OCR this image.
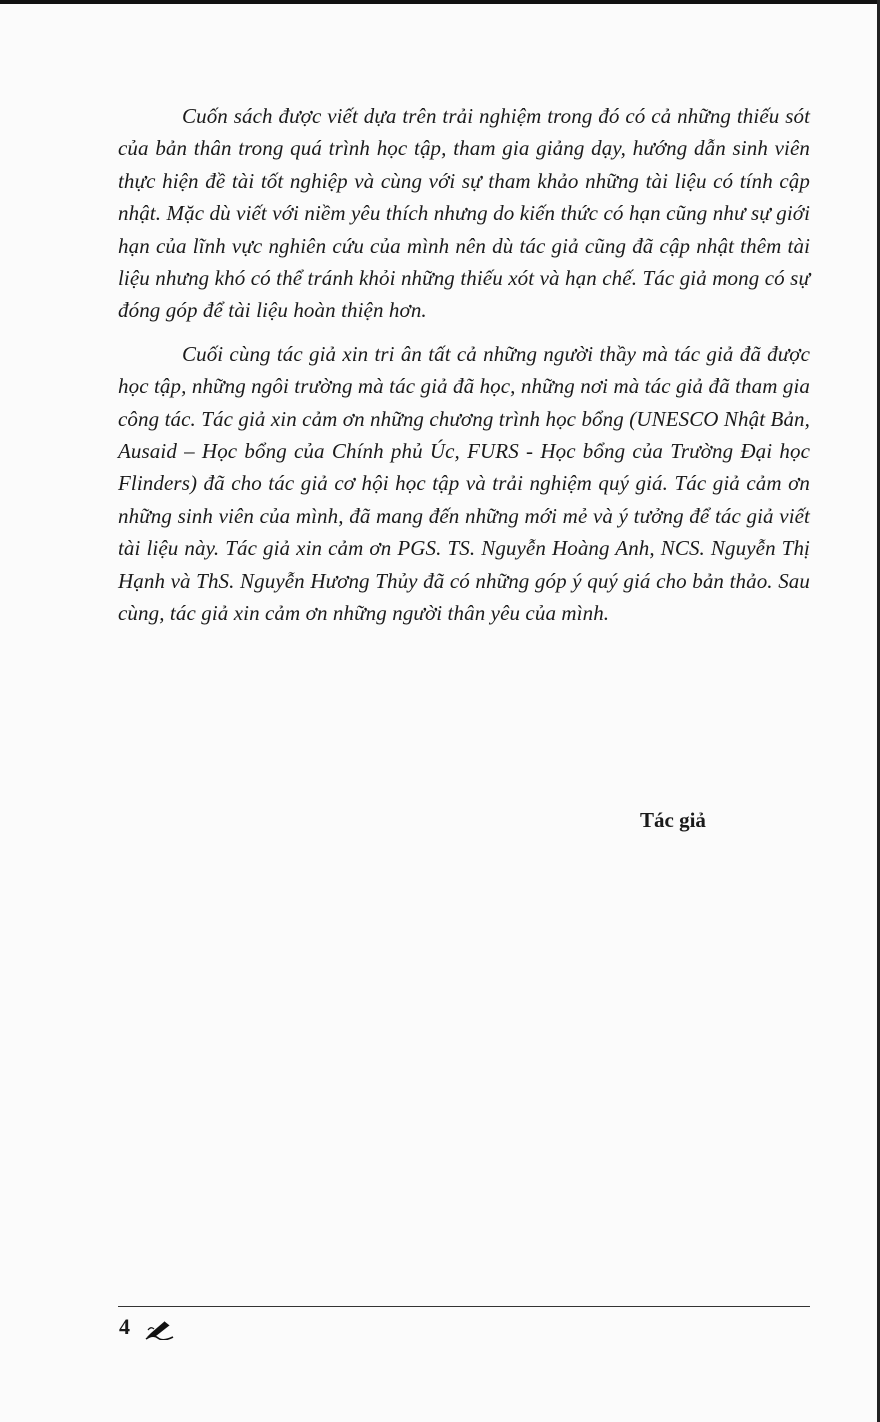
Cuốn sách được viết dựa trên trải nghiệm trong đó có cả những thiếu sót của bản thân trong quá trình học tập, tham gia giảng dạy, hướng dẫn sinh viên thực hiện đề tài tốt nghiệp và cùng với sự tham khảo những tài liệu có tính cập nhật. Mặc dù viết với niềm yêu thích nhưng do kiến thức có hạn cũng như sự giới hạn của lĩnh vực nghiên cứu của mình nên dù tác giả cũng đã cập nhật thêm tài liệu nhưng khó có thể tránh khỏi những thiếu xót và hạn chế. Tác giả mong có sự đóng góp để tài liệu hoàn thiện hơn.

Cuối cùng tác giả xin tri ân tất cả những người thầy mà tác giả đã được học tập, những ngôi trường mà tác giả đã học, những nơi mà tác giả đã tham gia công tác. Tác giả xin cảm ơn những chương trình học bổng (UNESCO Nhật Bản, Ausaid – Học bổng của Chính phủ Úc, FURS - Học bổng của Trường Đại học Flinders) đã cho tác giả cơ hội học tập và trải nghiệm quý giá. Tác giả cảm ơn những sinh viên của mình, đã mang đến những mới mẻ và ý tưởng để tác giả viết tài liệu này. Tác giả xin cảm ơn PGS. TS. Nguyễn Hoàng Anh, NCS. Nguyễn Thị Hạnh và ThS. Nguyễn Hương Thủy đã có những góp ý quý giá cho bản thảo. Sau cùng, tác giả xin cảm ơn những người thân yêu của mình.

Tác giả
4
